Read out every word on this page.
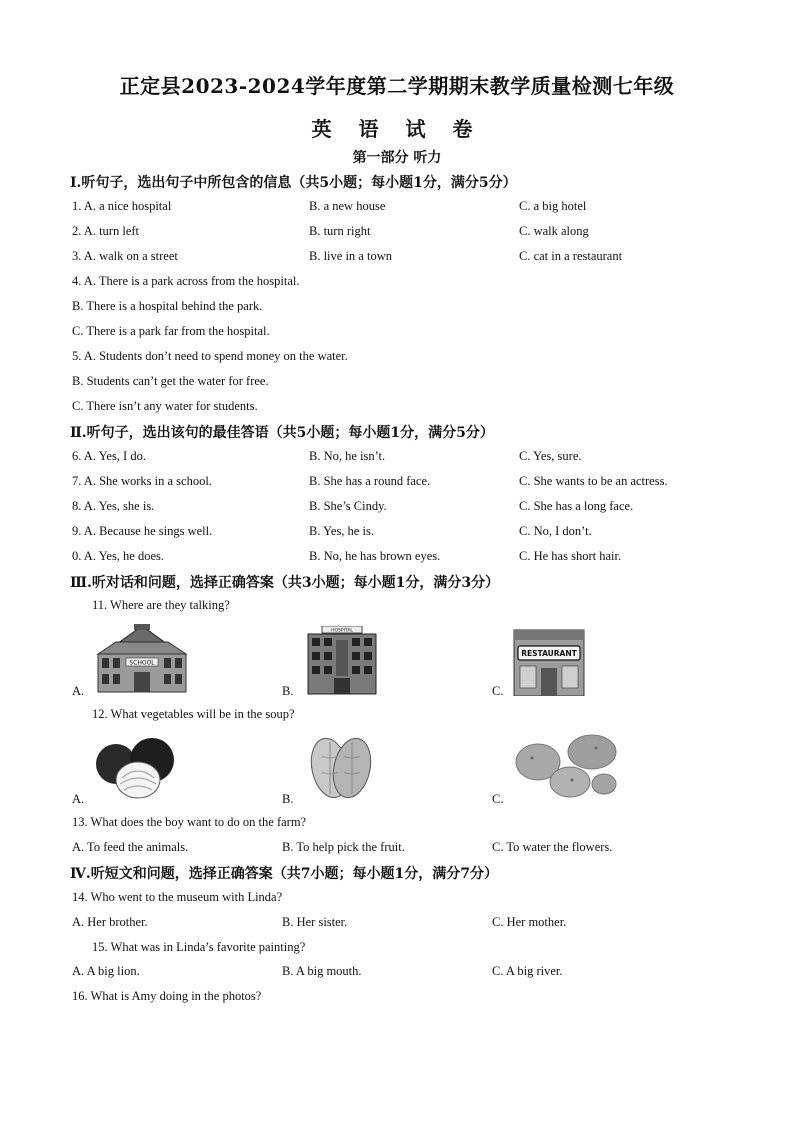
正定县2023-2024学年度第二学期期末教学质量检测七年级
英 语 试 卷
第一部分 听力
Ⅰ.听句子，选出句子中所包含的信息（共5小题；每小题1分，满分5分）
1. A. a nice hospital	B. a new house	C. a big hotel
2. A. turn left	B. turn right	C. walk along
3. A. walk on a street	B. live in a town	C. cat in a restaurant
4. A. There is a park across from the hospital.
B. There is a hospital behind the park.
C. There is a park far from the hospital.
5. A. Students don’t need to spend money on the water.
B. Students can’t get the water for free.
C. There isn’t any water for students.
Ⅱ.听句子，选出该句的最佳答语（共5小题；每小题1分，满分5分）
6. A. Yes, I do.	B. No, he isn’t.	C. Yes, sure.
7. A. She works in a school.	B. She has a round face.	C. She wants to be an actress.
8. A. Yes, she is.	B. She’s Cindy.	C. She has a long face.
9. A. Because he sings well.	B. Yes, he is.	C. No, I don’t.
0. A. Yes, he does.	B. No, he has brown eyes.	C. He has short hair.
Ⅲ.听对话和问题，选择正确答案（共3小题；每小题1分，满分3分）
11. Where are they talking?
SCHOOL
A.
HOSPITAL
B.
RESTAURANT
C.
12. What vegetables will be in the soup?
A.	B.	C.
13. What does the boy want to do on the farm?
A. To feed the animals.	B. To help pick the fruit.	C. To water the flowers.
Ⅳ.听短文和问题，选择正确答案（共7小题；每小题1分，满分7分）
14. Who went to the museum with Linda?
A. Her brother.	B. Her sister.	C. Her mother.
15. What was in Linda’s favorite painting?
A. A big lion.	B. A big mouth.	C. A big river.
16. What is Amy doing in the photos?
